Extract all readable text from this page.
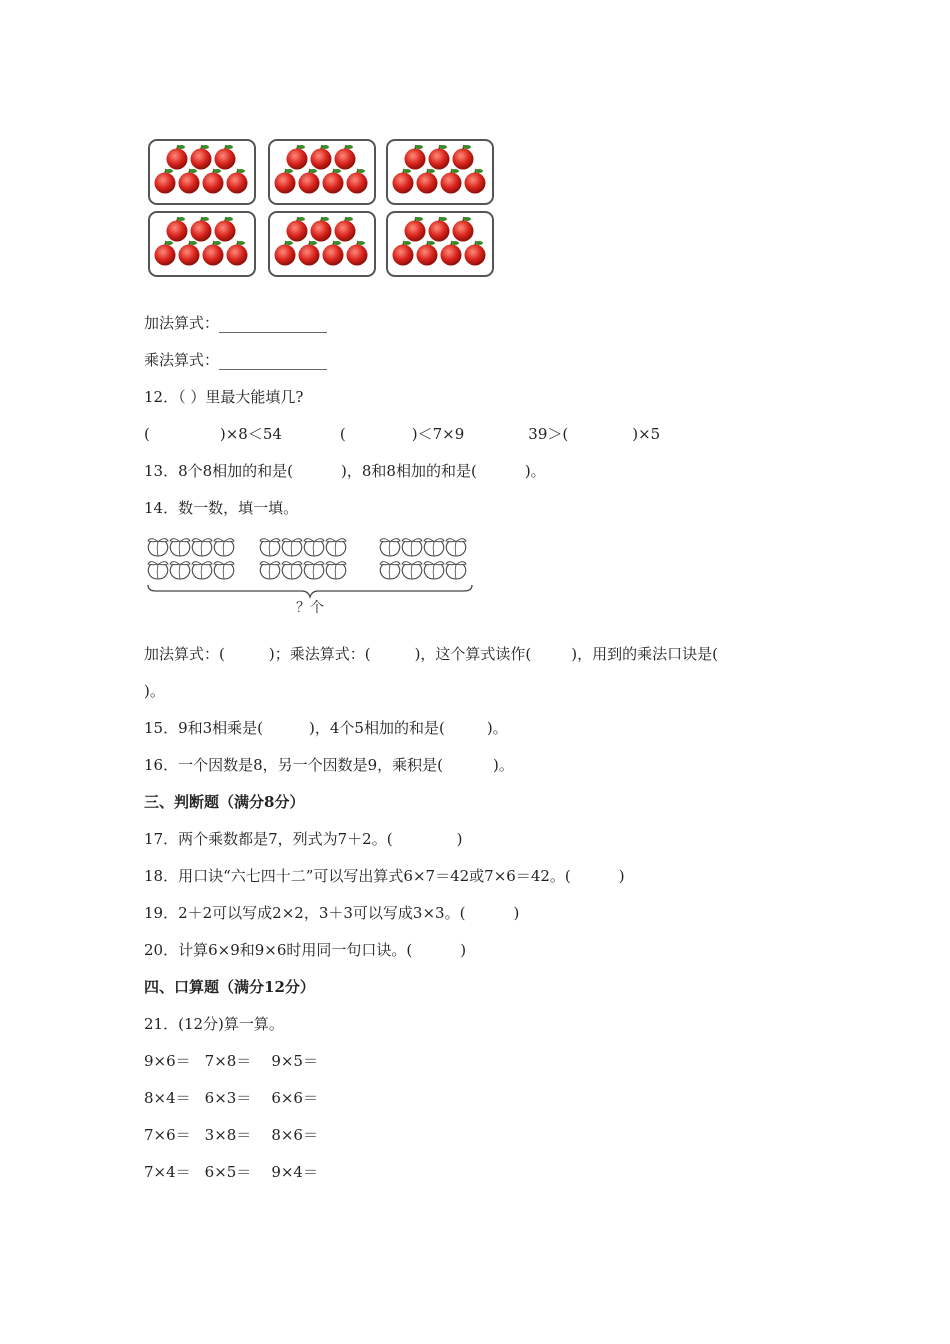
加法算式：
乘法算式：
12．（ ）里最大能填几?
(	)×8＜54	(	)＜7×9	39＞(	)×5
13．8个8相加的和是(	)，8和8相加的和是(	)。
14．数一数，填一填。
？个
加法算式：(	)；乘法算式：(	)，这个算式读作(	)，用到的乘法口诀是(
)。
15．9和3相乘是(	)，4个5相加的和是(	)。
16．一个因数是8，另一个因数是9，乘积是(	)。
三、判断题（满分8分）
17．两个乘数都是7，列式为7＋2。(	)
18．用口诀“六七四十二”可以写出算式6×7＝42或7×6＝42。(	)
19．2＋2可以写成2×2，3＋3可以写成3×3。(	)
20．计算6×9和9×6时用同一句口诀。(	)
四、口算题（满分12分）
21．(12分)算一算。
9×6＝ 7×8＝ 9×5＝
8×4＝ 6×3＝ 6×6＝
7×6＝ 3×8＝ 8×6＝
7×4＝ 6×5＝ 9×4＝
